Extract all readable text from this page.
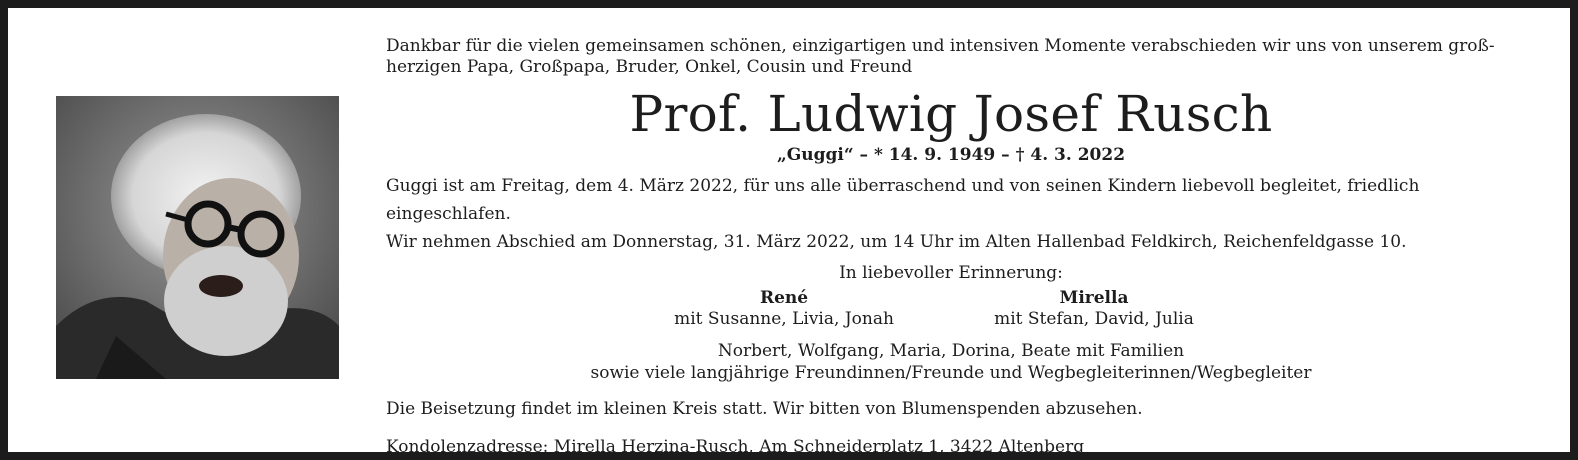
Dankbar für die vielen gemeinsamen schönen, einzigartigen und intensiven Momente verabschieden wir uns von unserem groß-
herzigen Papa, Großpapa, Bruder, Onkel, Cousin und Freund

Prof. Ludwig Josef Rusch
„Guggi“ – * 14. 9. 1949 – † 4. 3. 2022

Guggi ist am Freitag, dem 4. März 2022, für uns alle überraschend und von seinen Kindern liebevoll begleitet, friedlich eingeschlafen.

Wir nehmen Abschied am Donnerstag, 31. März 2022, um 14 Uhr im Alten Hallenbad Feldkirch, Reichenfeldgasse 10.

In liebevoller Erinnerung:

René
mit Susanne, Livia, Jonah
Mirella
mit Stefan, David, Julia

Norbert, Wolfgang, Maria, Dorina, Beate mit Familien

sowie viele langjährige Freundinnen/Freunde und Wegbegleiterinnen/Wegbegleiter

Die Beisetzung findet im kleinen Kreis statt. Wir bitten von Blumenspenden abzusehen.

Kondolenzadresse: Mirella Herzina-Rusch, Am Schneiderplatz 1, 3422 Altenberg
